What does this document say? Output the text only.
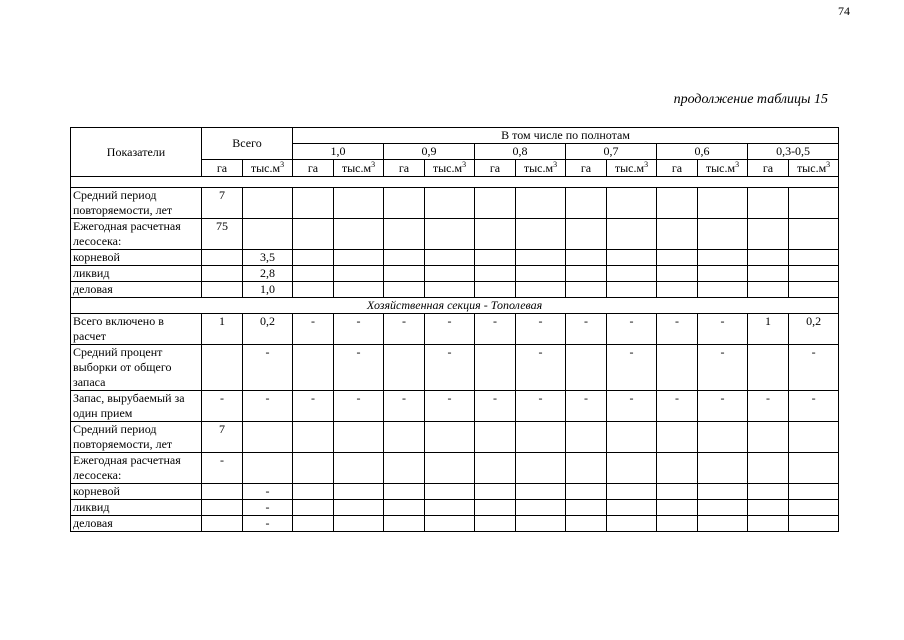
74
продолжение таблицы 15
Показатели	Всего		В том числе по полнотам											
			1,0		0,9		0,8		0,7		0,6		0,3-0,5	
	га	$тыс.м^3$	га	$тыс.м^3$	га	$тыс.м^3$	га	$тыс.м^3$	га	$тыс.м^3$	га	$тыс.м^3$	га	$тыс.м^3$

Средний период повторяемости, лет	7													
Ежегодная расчетная лесосека:	75													
корневой		3,5												
ликвид		2,8												
деловая		1,0												
Хозяйственная секция - Тополевая														
Всего включено в расчет	1	0,2	-	-	-	-	-	-	-	-	-	-	1	0,2
Средний процент выборки от общего запаса		-		-		-		-		-		-		-
Запас, вырубаемый за один прием	-	-	-	-	-	-	-	-	-	-	-	-	-	-
Средний период повторяемости, лет	7													
Ежегодная расчетная лесосека:	-													
корневой		-												
ликвид		-												
деловая		-												
